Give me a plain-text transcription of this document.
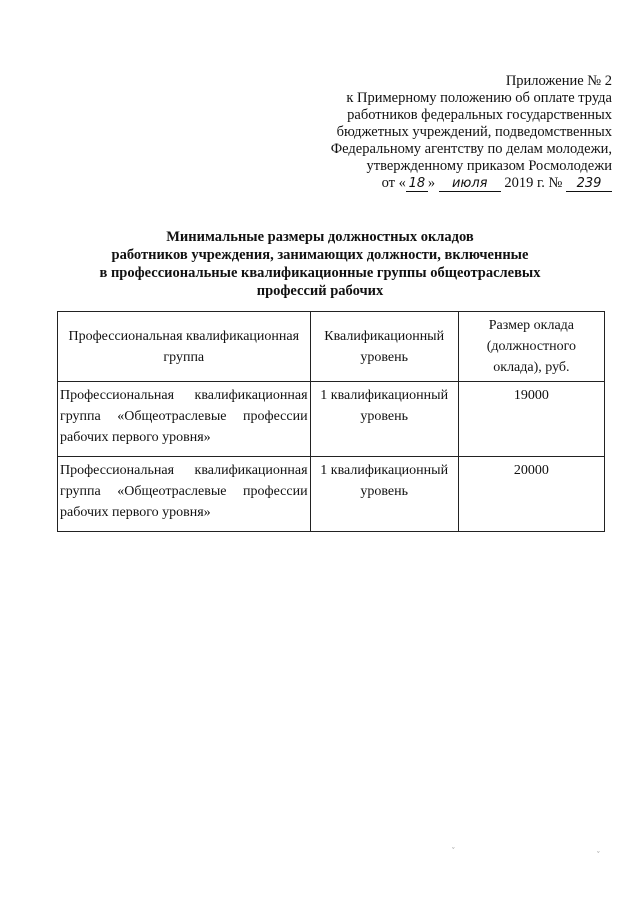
Приложение № 2
к Примерному положению об оплате труда
работников федеральных государственных
бюджетных учреждений, подведомственных
Федеральному агентству по делам молодежи,
утвержденному приказом Росмолодежи
от « 18 » июля 2019 г. № 239
Минимальные размеры должностных окладов
работников учреждения, занимающих должности, включенные
в профессиональные квалификационные группы общеотраслевых
профессий рабочих
Профессиональная квалификационная группа	Квалификационный уровень	Размер оклада (должностного оклада), руб.
Профессиональная квалификационная группа «Общеотраслевые профессии рабочих первого уровня»	1 квалификационный уровень	19000
Профессиональная квалификационная группа «Общеотраслевые профессии рабочих первого уровня»	1 квалификационный уровень	20000
ˇ	ˇ
